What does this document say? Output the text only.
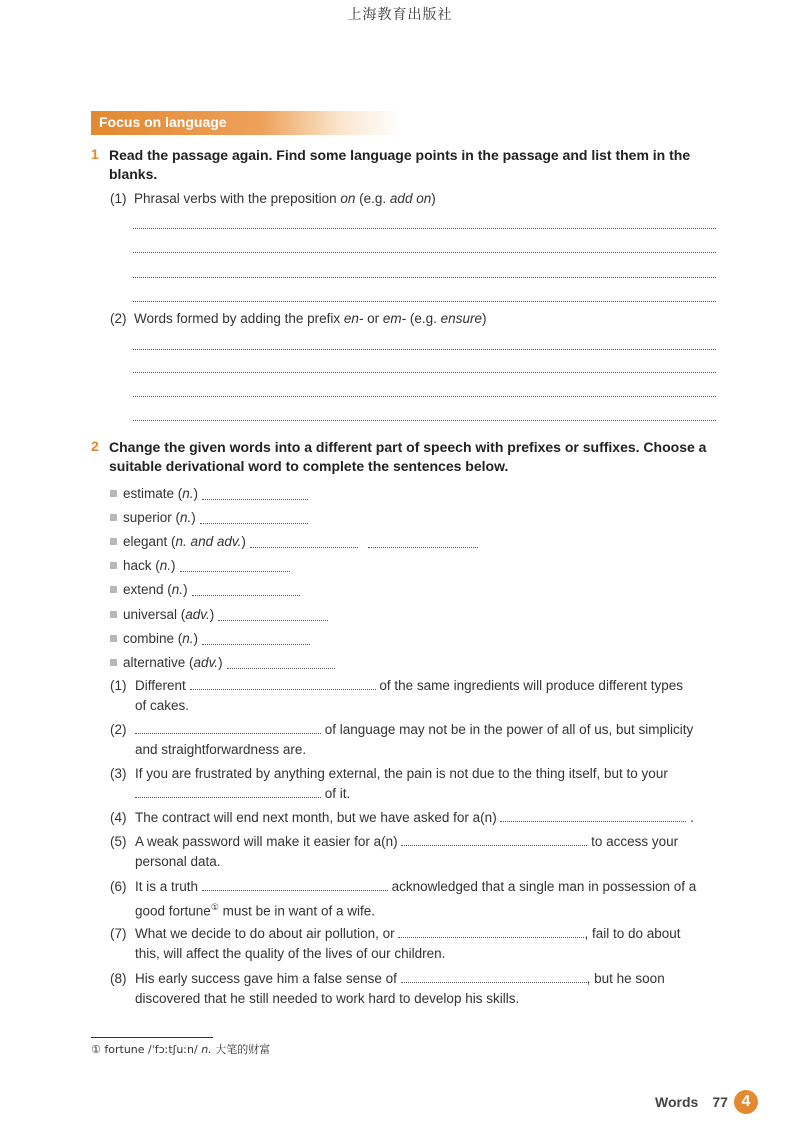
上海教育出版社
Focus on language
1 Read the passage again. Find some language points in the passage and list them in the blanks.
(1) Phrasal verbs with the preposition on (e.g. add on)
(2) Words formed by adding the prefix en- or em- (e.g. ensure)
2 Change the given words into a different part of speech with prefixes or suffixes. Choose a suitable derivational word to complete the sentences below.
estimate ( n. )
superior ( n. )
elegant ( n. and adv. )
hack ( n. )
extend ( n. )
universal ( adv. )
combine ( n. )
alternative ( adv. )
(1) Different	of the same ingredients will produce different types
of cakes.
(2)	of language may not be in the power of all of us, but simplicity
and straightforwardness are.
(3) If you are frustrated by anything external, the pain is not due to the thing itself, but to your
of it.
(4) The contract will end next month, but we have asked for a(n)	.
(5) A weak password will make it easier for a(n)	to access your
personal data.
(6) It is a truth	acknowledged that a single man in possession of a
good fortune① must be in want of a wife.
(7) What we decide to do about air pollution, or	, fail to do about
this, will affect the quality of the lives of our children.
(8) His early success gave him a false sense of	, but he soon
discovered that he still needed to work hard to develop his skills.
① fortune /ˈfɔːtʃuːn/ n. 大笔的财富
Words 77 4
